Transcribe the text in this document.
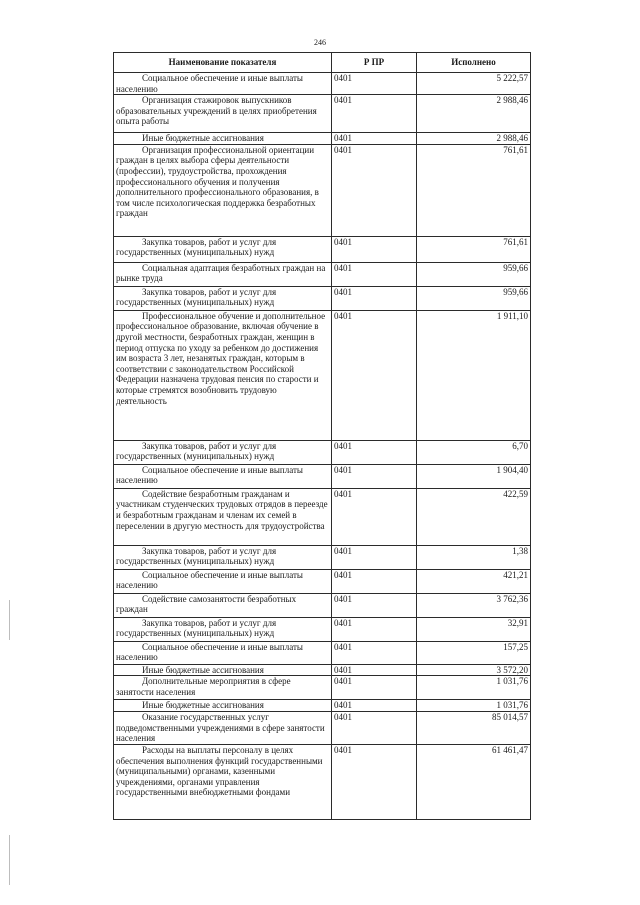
246
Наименование показателя	Р ПР	Исполнено
Социальное обеспечение и иные выплаты населению	0401	5 222,57
Организация стажировок выпускников образовательных учреждений в целях приобретения опыта работы	0401	2 988,46
Иные бюджетные ассигнования	0401	2 988,46
Организация профессиональной ориентации граждан в целях выбора сферы деятельности (профессии), трудоустройства, прохождения профессионального обучения и получения дополнительного профессионального образования, в том числе психологическая поддержка безработных граждан	0401	761,61
Закупка товаров, работ и услуг для государственных (муниципальных) нужд	0401	761,61
Социальная адаптация безработных граждан на рынке труда	0401	959,66
Закупка товаров, работ и услуг для государственных (муниципальных) нужд	0401	959,66
Профессиональное обучение и дополнительное профессиональное образование, включая обучение в другой местности, безработных граждан, женщин в период отпуска по уходу за ребенком до достижения им возраста 3 лет, незанятых граждан, которым в соответствии с законодательством Российской Федерации назначена трудовая пенсия по старости и которые стремятся возобновить трудовую деятельность	0401	1 911,10
Закупка товаров, работ и услуг для государственных (муниципальных) нужд	0401	6,70
Социальное обеспечение и иные выплаты населению	0401	1 904,40
Содействие безработным гражданам и участникам студенческих трудовых отрядов в переезде и безработным гражданам и членам их семей в переселении в другую местность для трудоустройства	0401	422,59
Закупка товаров, работ и услуг для государственных (муниципальных) нужд	0401	1,38
Социальное обеспечение и иные выплаты населению	0401	421,21
Содействие самозанятости безработных граждан	0401	3 762,36
Закупка товаров, работ и услуг для государственных (муниципальных) нужд	0401	32,91
Социальное обеспечение и иные выплаты населению	0401	157,25
Иные бюджетные ассигнования	0401	3 572,20
Дополнительные мероприятия в сфере занятости населения	0401	1 031,76
Иные бюджетные ассигнования	0401	1 031,76
Оказание государственных услуг подведомственными учреждениями в сфере занятости населения	0401	85 014,57
Расходы на выплаты персоналу в целях обеспечения выполнения функций государственными (муниципальными) органами, казенными учреждениями, органами управления государственными внебюджетными фондами	0401	61 461,47
